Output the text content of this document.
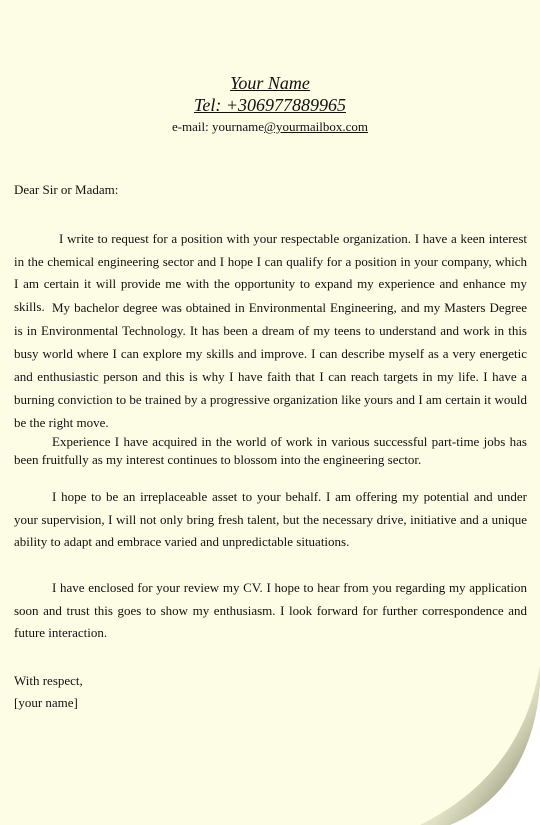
Your Name
Tel: +306977889965
e-mail: yourname@yourmailbox.com
Dear Sir or Madam:

I write to request for a position with your respectable organization. I have a keen interest in the chemical engineering sector and I hope I can qualify for a position in your company, which I am certain it will provide me with the opportunity to expand my experience and enhance my skills. My bachelor degree was obtained in Environmental Engineering, and my Masters Degree is in Environmental Technology. It has been a dream of my teens to understand and work in this busy world where I can explore my skills and improve. I can describe myself as a very energetic and enthusiastic person and this is why I have faith that I can reach targets in my life. I have a burning conviction to be trained by a progressive organization like yours and I am certain it would be the right move.

Experience I have acquired in the world of work in various successful part-time jobs has been fruitfully as my interest continues to blossom into the engineering sector.

I hope to be an irreplaceable asset to your behalf. I am offering my potential and under your supervision, I will not only bring fresh talent, but the necessary drive, initiative and a unique ability to adapt and embrace varied and unpredictable situations.

I have enclosed for your review my CV. I hope to hear from you regarding my application soon and trust this goes to show my enthusiasm. I look forward for further correspondence and future interaction.

With respect,
[your name]
